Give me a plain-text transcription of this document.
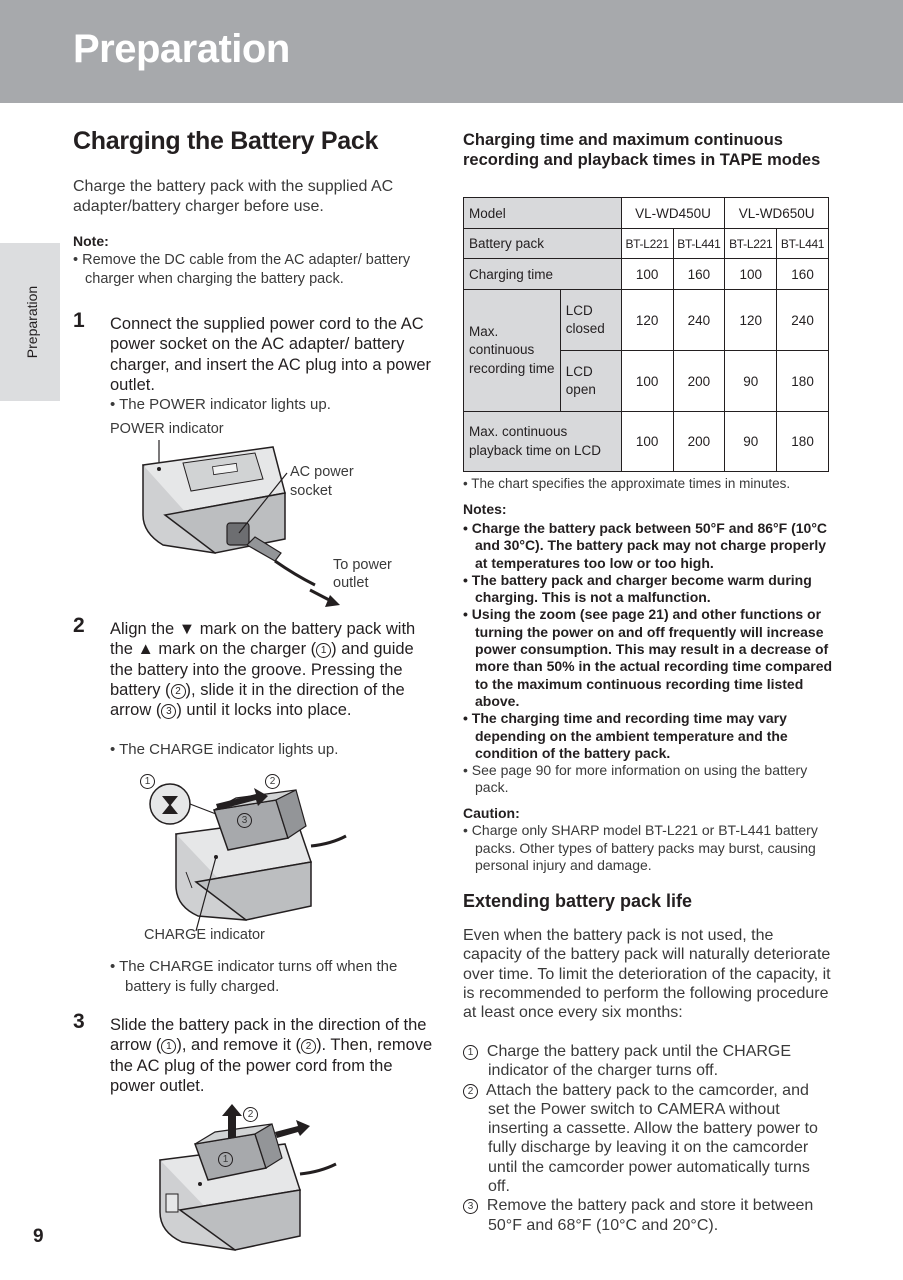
Preparation
Preparation
Charging the Battery Pack

Charge the battery pack with the supplied AC adapter/battery charger before use.

Note:

• Remove the DC cable from the AC adapter/ battery charger when charging the battery pack.

1 Connect the supplied power cord to the AC power socket on the AC adapter/ battery charger, and insert the AC plug into a power outlet.

• The POWER indicator lights up.

POWER indicator
AC power
socket
To power
outlet
2 Align the ▼ mark on the battery pack with the ▲ mark on the charger ( 1 ) and guide the battery into the groove. Pressing the battery ( 2 ), slide it in the direction of the arrow ( 3 ) until it locks into place.

• The CHARGE indicator lights up.

1	2
3
CHARGE indicator

• The CHARGE indicator turns off when the battery is fully charged.

3 Slide the battery pack in the direction of the arrow ( 1 ), and remove it ( 2 ). Then, remove the AC plug of the power cord from the power outlet.

2
1
9
Charging time and maximum continuous recording and playback times in TAPE modes
Model		VL-WD450U		VL-WD650U	
Battery pack		BT-L221	BT-L441	BT-L221	BT-L441
Charging time		100	160	100	160
Max. continuous recording time	LCD closed	120	240	120	240
	LCD open	100	200	90	180
Max. continuous playback time on LCD		100	200	90	180

• The chart specifies the approximate times in minutes.

Notes:
• Charge the battery pack between 50°F and 86°F (10°C and 30°C). The battery pack may not charge properly at temperatures too low or too high.
• The battery pack and charger become warm during charging. This is not a malfunction.
• Using the zoom (see page 21) and other functions or turning the power on and off frequently will increase power consumption. This may result in a decrease of more than 50% in the actual recording time compared to the maximum continuous recording time listed above.
• The charging time and recording time may vary depending on the ambient temperature and the condition of the battery pack.
• See page 90 for more information on using the battery pack.
Caution:

• Charge only SHARP model BT-L221 or BT-L441 battery packs. Other types of battery packs may burst, causing personal injury and damage.

Extending battery pack life

Even when the battery pack is not used, the capacity of the battery pack will naturally deteriorate over time. To limit the deterioration of the capacity, it is recommended to perform the following procedure at least once every six months:

1 Charge the battery pack until the CHARGE indicator of the charger turns off.
2 Attach the battery pack to the camcorder, and set the Power switch to CAMERA without inserting a cassette. Allow the battery power to fully discharge by leaving it on the camcorder until the camcorder power automatically turns off.
3 Remove the battery pack and store it between 50°F and 68°F (10°C and 20°C).
